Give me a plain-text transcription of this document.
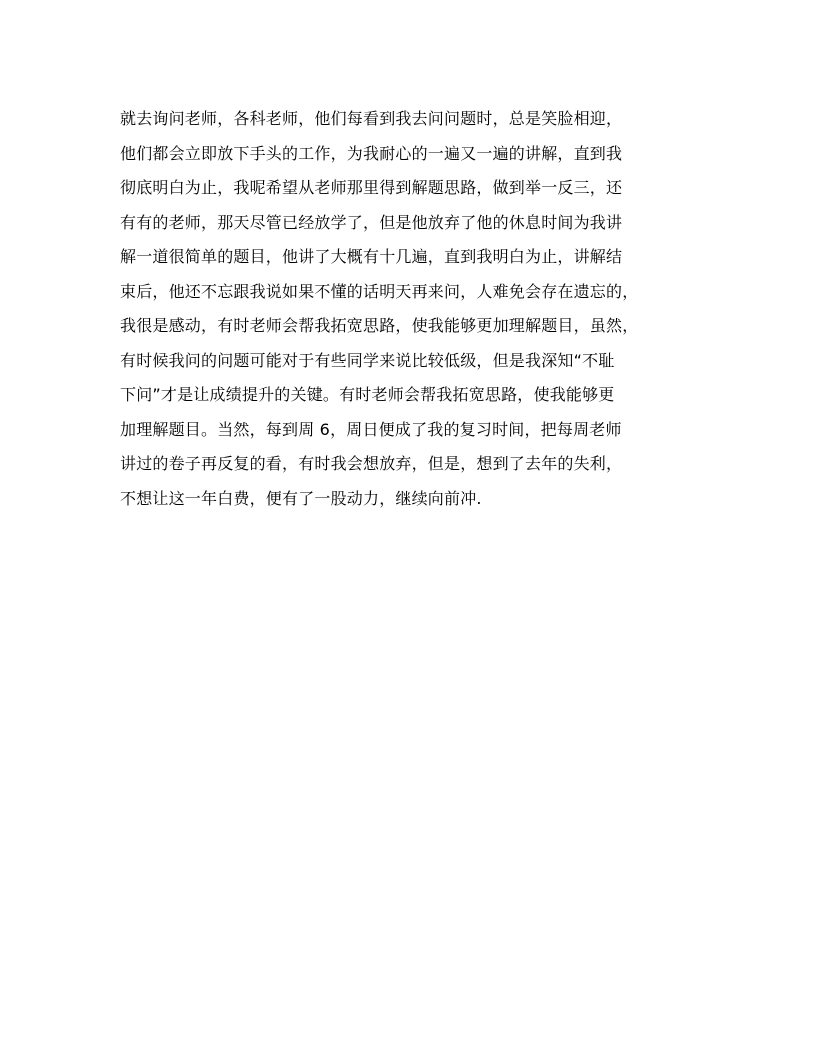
就去询问老师，各科老师，他们每看到我去问问题时，总是笑脸相迎，
他们都会立即放下手头的工作，为我耐心的一遍又一遍的讲解，直到我
彻底明白为止，我呢希望从老师那里得到解题思路，做到举一反三，还
有有的老师，那天尽管已经放学了，但是他放弃了他的休息时间为我讲
解一道很简单的题目，他讲了大概有十几遍，直到我明白为止，讲解结
束后，他还不忘跟我说如果不懂的话明天再来问，人难免会存在遗忘的，
我很是感动，有时老师会帮我拓宽思路，使我能够更加理解题目，虽然，
有时候我问的问题可能对于有些同学来说比较低级，但是我深知“不耻
下问”才是让成绩提升的关键。有时老师会帮我拓宽思路，使我能够更
加理解题目。当然，每到周 6，周日便成了我的复习时间，把每周老师
讲过的卷子再反复的看，有时我会想放弃，但是，想到了去年的失利，
不想让这一年白费，便有了一股动力，继续向前冲.
